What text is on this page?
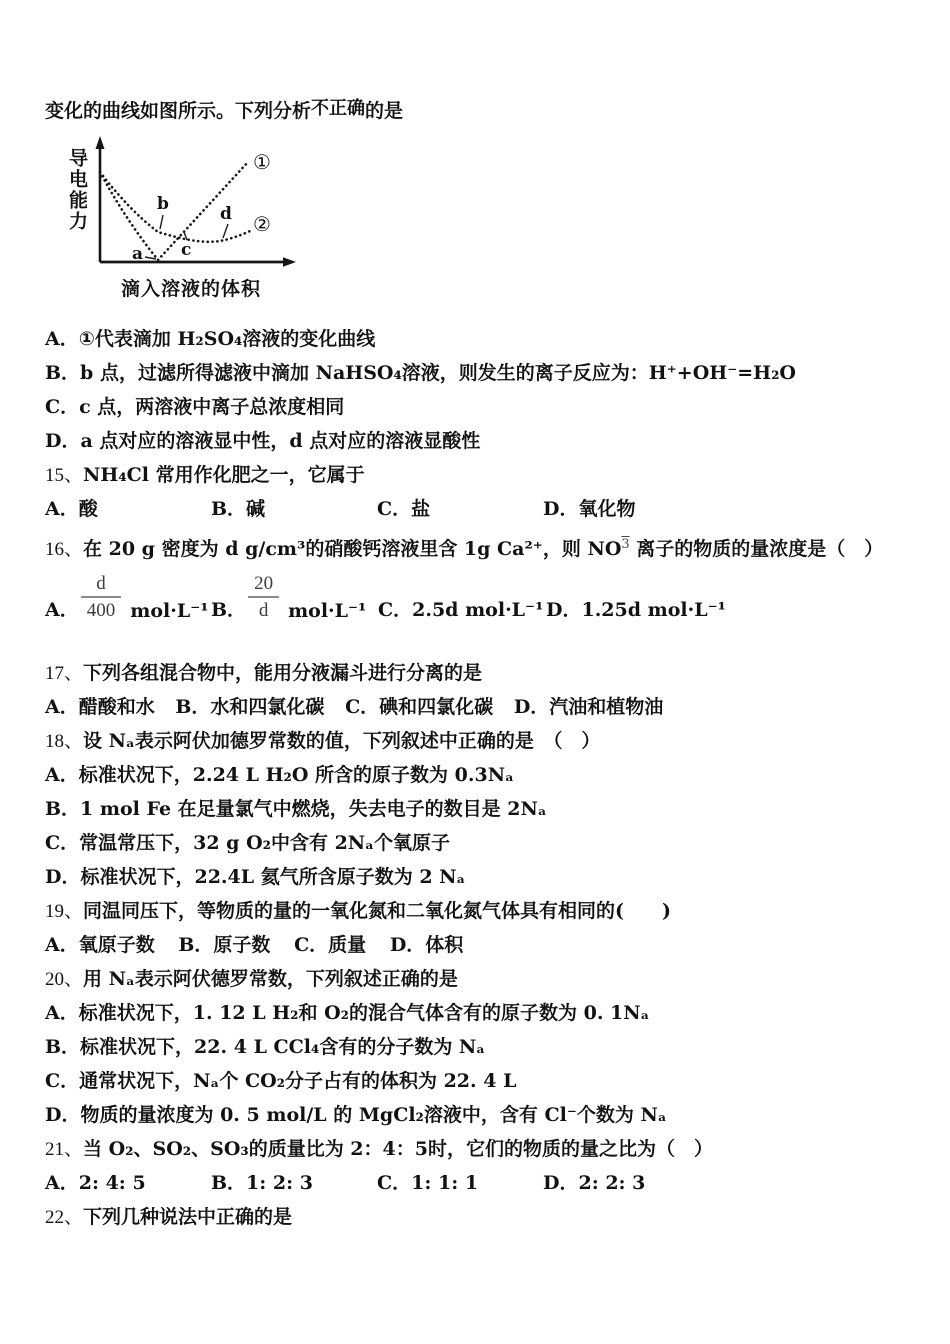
变化的曲线如图所示。下列分析不正确的是

导电能力
滴入溶液的体积
①
②
b	d
a c

A．①代表滴加 H₂SO₄溶液的变化曲线

B．b 点，过滤所得滤液中滴加 NaHSO₄溶液，则发生的离子反应为：H⁺+OH⁻=H₂O

C．c 点，两溶液中离子总浓度相同

D．a 点对应的溶液显中性，d 点对应的溶液显酸性

15、NH₄Cl 常用作化肥之一，它属于

A．酸	B．碱	C．盐	D．氧化物

16、在 20 g 密度为 d g/cm³的硝酸钙溶液里含 1g Ca²⁺，则 $NO^3$ 离子的物质的量浓度是（　）

A． $\frac{d}{400} mol\cdot L^{-1}$ B． $\frac{20}{d} mol\cdot L^{-1}$ C．2.5d mol·L⁻¹ D．1.25d mol·L⁻¹

17、下列各组混合物中，能用分液漏斗进行分离的是

A．醋酸和水 B．水和四氯化碳 C．碘和四氯化碳 D．汽油和植物油

18、设 Nₐ表示阿伏加德罗常数的值，下列叙述中正确的是　（　）

A．标准状况下，2.24 L H₂O 所含的原子数为 0.3Nₐ

B．1 mol Fe 在足量氯气中燃烧，失去电子的数目是 2Nₐ

C．常温常压下，32 g O₂中含有 2Nₐ个氧原子

D．标准状况下，22.4L 氦气所含原子数为 2 Nₐ

19、同温同压下，等物质的量的一氧化氮和二氧化氮气体具有相同的(　　)

A．氧原子数 B．原子数 C．质量 D．体积

20、用 Nₐ表示阿伏德罗常数，下列叙述正确的是

A．标准状况下，1. 12 L H₂和 O₂的混合气体含有的原子数为 0. 1Nₐ

B．标准状况下，22. 4 L CCl₄含有的分子数为 Nₐ

C．通常状况下，Nₐ个 CO₂分子占有的体积为 22. 4 L

D．物质的量浓度为 0. 5 mol/L 的 MgCl₂溶液中，含有 Cl⁻个数为 Nₐ

21、当 O₂、SO₂、SO₃的质量比为 2：4：5时，它们的物质的量之比为（　）

A．2: 4: 5	B．1: 2: 3	C．1: 1: 1	D．2: 2: 3

22、下列几种说法中正确的是
